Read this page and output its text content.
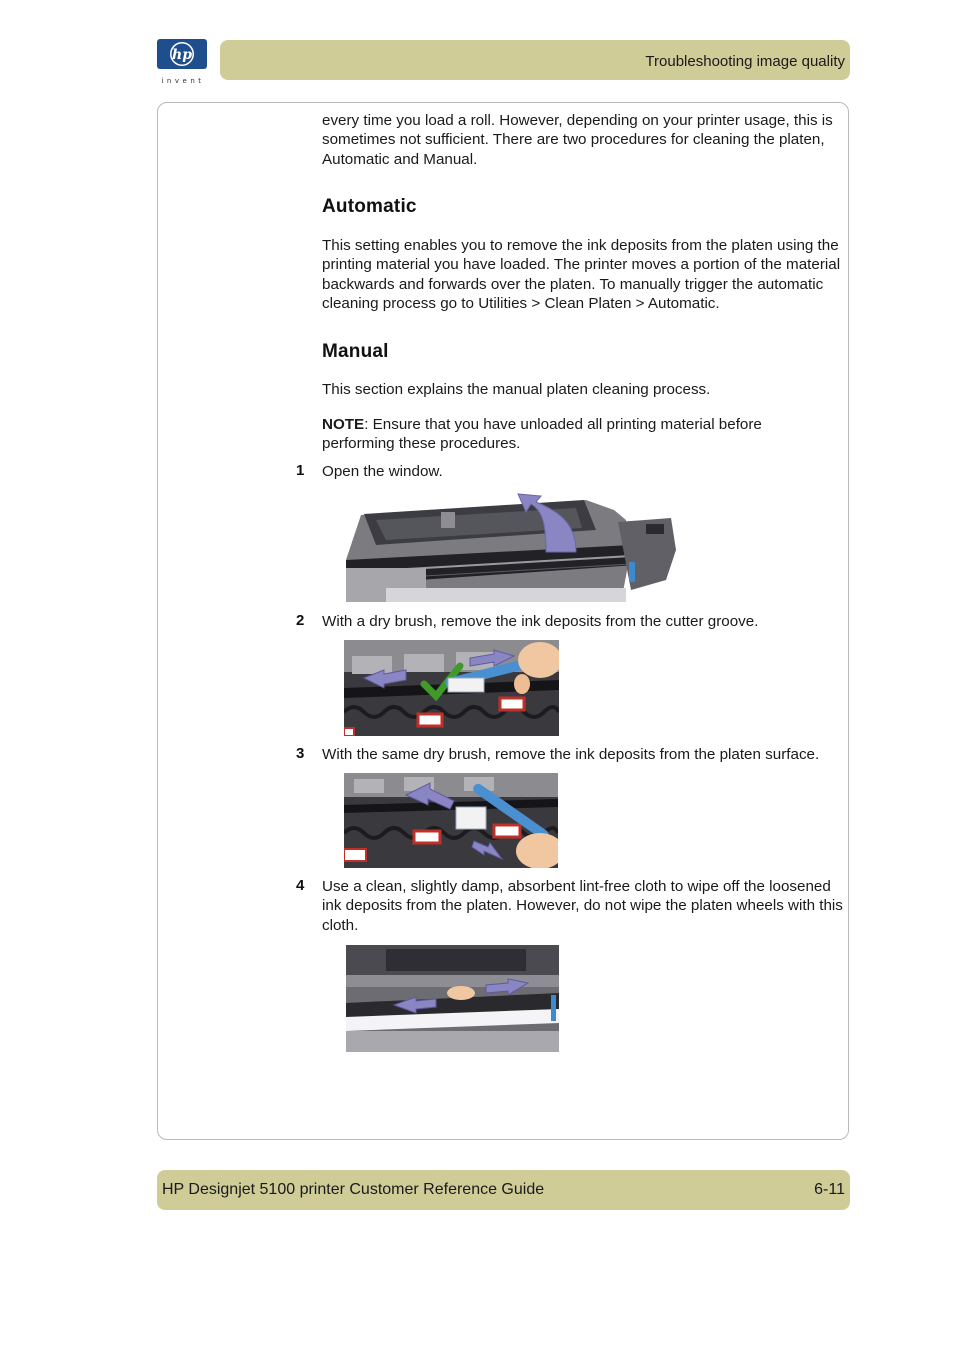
hp
invent
Troubleshooting image quality
every time you load a roll. However, depending on your printer usage, this is sometimes not sufficient. There are two procedures for cleaning the platen, Automatic and Manual.
Automatic
This setting enables you to remove the ink deposits from the platen using the printing material you have loaded. The printer moves a portion of the material backwards and forwards over the platen. To manually trigger the automatic cleaning process go to Utilities > Clean Platen > Automatic.
Manual
This section explains the manual platen cleaning process.
NOTE: Ensure that you have unloaded all printing material before performing these procedures.
1 Open the window.
2 With a dry brush, remove the ink deposits from the cutter groove.
3 With the same dry brush, remove the ink deposits from the platen surface.
4 Use a clean, slightly damp, absorbent lint-free cloth to wipe off the loosened ink deposits from the platen. However, do not wipe the platen wheels with this cloth.
HP Designjet 5100 printer Customer Reference Guide	6-11
